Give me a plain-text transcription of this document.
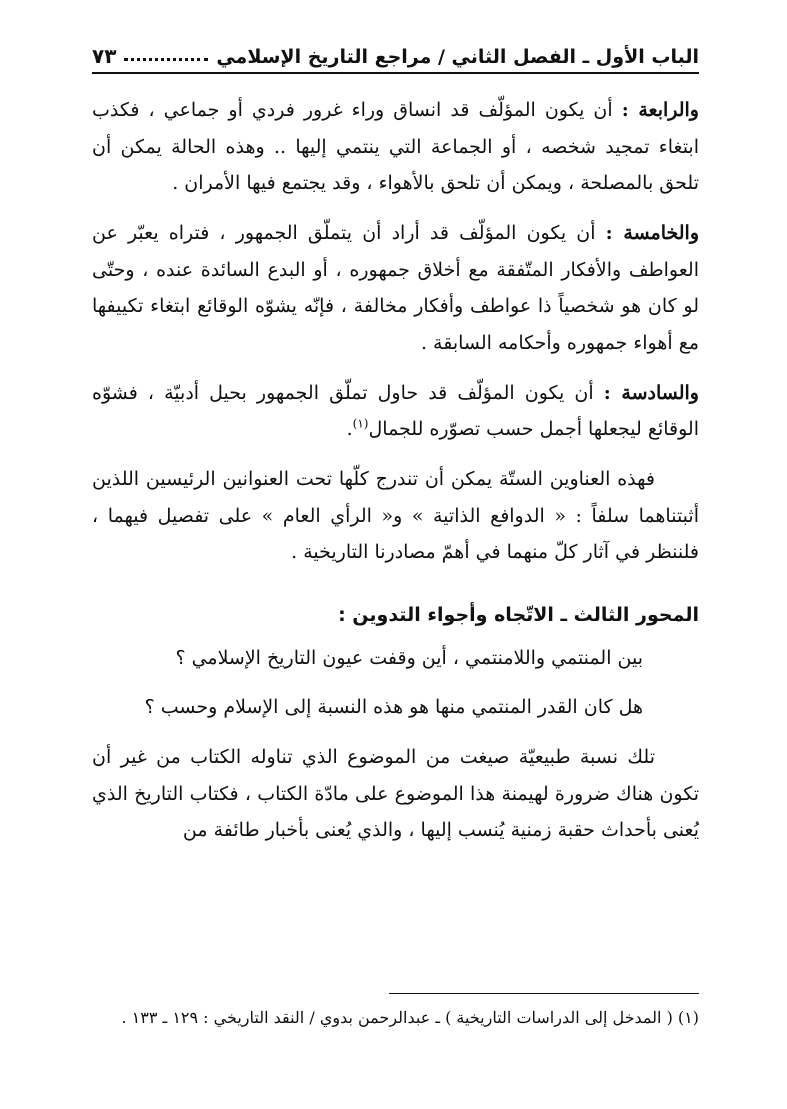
الباب الأول ـ الفصل الثاني / مراجع التاريخ الإسلامي
٧٣

والرابعة : أن يكون المؤلّف قد انساق وراء غرور فردي أو جماعي ، فكذب ابتغاء تمجيد شخصه ، أو الجماعة التي ينتمي إليها .. وهذه الحالة يمكن أن تلحق بالمصلحة ، ويمكن أن تلحق بالأهواء ، وقد يجتمع فيها الأمران .

والخامسة : أن يكون المؤلّف قد أراد أن يتملّق الجمهور ، فتراه يعبّر عن العواطف والأفكار المتّفقة مع أخلاق جمهوره ، أو البدع السائدة عنده ، وحتّى لو كان هو شخصياً ذا عواطف وأفكار مخالفة ، فإنّه يشوّه الوقائع ابتغاء تكييفها مع أهواء جمهوره وأحكامه السابقة .

والسادسة : أن يكون المؤلّف قد حاول تملّق الجمهور بحيل أدبيّة ، فشوّه الوقائع ليجعلها أجمل حسب تصوّره للجمال$^{(١)}$.

فهذه العناوين الستّة يمكن أن تندرج كلّها تحت العنوانين الرئيسين اللذين أثبتناهما سلفاً : « الدوافع الذاتية » و« الرأي العام » على تفصيل فيهما ، فلننظر في آثار كلّ منهما في أهمّ مصادرنا التاريخية .

المحور الثالث ـ الاتّجاه وأجواء التدوين :

بين المنتمي واللامنتمي ، أين وقفت عيون التاريخ الإسلامي ؟

هل كان القدر المنتمي منها هو هذه النسبة إلى الإسلام وحسب ؟

تلك نسبة طبيعيّة صيغت من الموضوع الذي تناوله الكتاب من غير أن تكون هناك ضرورة لهيمنة هذا الموضوع على مادّة الكتاب ، فكتاب التاريخ الذي يُعنى بأحداث حقبة زمنية يُنسب إليها ، والذي يُعنى بأخبار طائفة من

(١) ( المدخل إلى الدراسات التاريخية ) ـ عبدالرحمن بدوي / النقد التاريخي : ١٢٩ ـ ١٣٣ .
